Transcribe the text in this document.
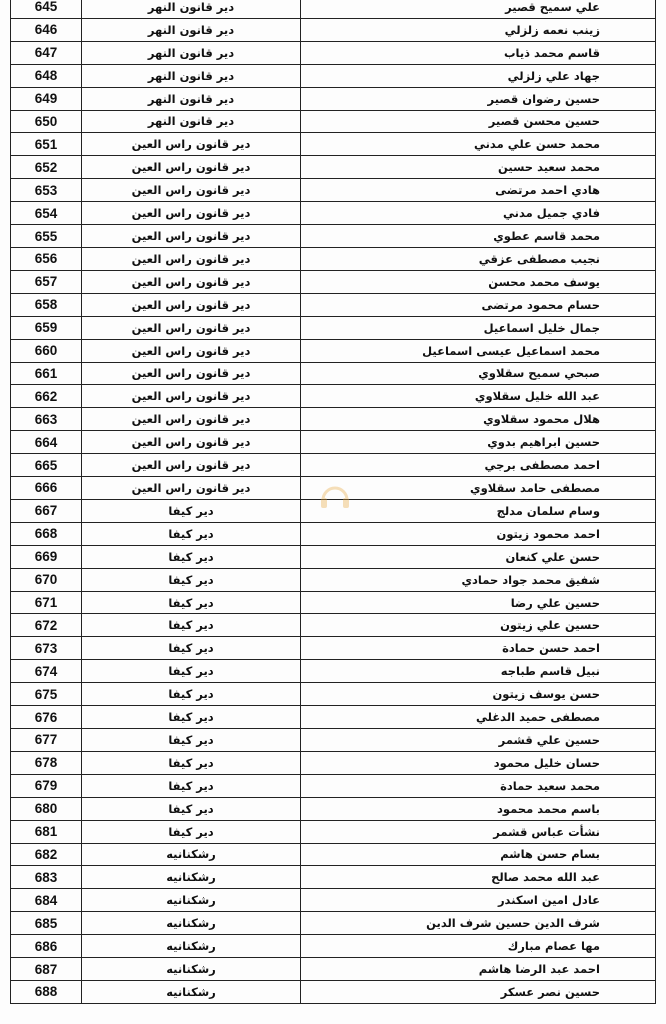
645	دير قانون النهر	علي سميح قصير
646	دير قانون النهر	زينب نعمه زلزلي
647	دير قانون النهر	قاسم محمد ذياب
648	دير قانون النهر	جهاد علي زلزلي
649	دير قانون النهر	حسين رضوان قصير
650	دير قانون النهر	حسين محسن قصير
651	دير قانون راس العين	محمد حسن علي مدني
652	دير قانون راس العين	محمد سعيد حسين
653	دير قانون راس العين	هادي احمد مرتضى
654	دير قانون راس العين	فادي جميل مدني
655	دير قانون راس العين	محمد قاسم عطوي
656	دير قانون راس العين	نجيب مصطفى عزقي
657	دير قانون راس العين	يوسف محمد محسن
658	دير قانون راس العين	حسام محمود مرتضى
659	دير قانون راس العين	جمال خليل اسماعيل
660	دير قانون راس العين	محمد اسماعيل عيسى اسماعيل
661	دير قانون راس العين	صبحي سميح سقلاوي
662	دير قانون راس العين	عبد الله خليل سقلاوي
663	دير قانون راس العين	هلال محمود سقلاوي
664	دير قانون راس العين	حسين ابراهيم بدوي
665	دير قانون راس العين	احمد مصطفى برجي
666	دير قانون راس العين	مصطفى حامد سقلاوي
667	دير كيفا	وسام سلمان مدلج
668	دير كيفا	احمد محمود زيتون
669	دير كيفا	حسن علي كنعان
670	دير كيفا	شفيق محمد جواد حمادي
671	دير كيفا	حسين علي رضا
672	دير كيفا	حسين علي زيتون
673	دير كيفا	احمد حسن حمادة
674	دير كيفا	نبيل قاسم طباجه
675	دير كيفا	حسن يوسف زيتون
676	دير كيفا	مصطفى حميد الدغلي
677	دير كيفا	حسين علي قشمر
678	دير كيفا	حسان خليل محمود
679	دير كيفا	محمد سعيد حمادة
680	دير كيفا	باسم محمد محمود
681	دير كيفا	نشأت عباس قشمر
682	رشكنانيه	بسام حسن هاشم
683	رشكنانيه	عبد الله محمد صالح
684	رشكنانيه	عادل امين اسكندر
685	رشكنانيه	شرف الدين حسين شرف الدين
686	رشكنانيه	مها عصام مبارك
687	رشكنانيه	احمد عبد الرضا هاشم
688	رشكنانيه	حسين نصر عسكر
